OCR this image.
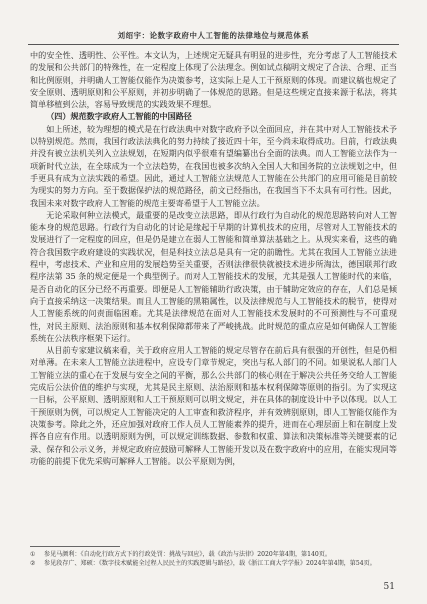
刘绍宇：论数字政府中人工智能的法律地位与规范体系

中的安全性、透明性、公平性。本文认为，上述规定无疑具有明显的进步性，充分考虑了人工智能技术的发展和公共部门的特殊性，在一定程度上体现了公法理念。例如试点稿明文规定了合法、合理、正当和比例原则，并明确人工智能仅能作为决策参考，这实际上是人工干预原则的体现。而建议稿也规定了安全原则、透明原则和公平原则，并初步明确了一体规范的思路。但是这些规定直接来源于私法，将其简单移植到公法，容易导致规范的实践效果不理想。

（四）规范数字政府人工智能的中国路径

如上所述，较为理想的模式是在行政法典中对数字政府予以全面回应，并在其中对人工智能技术予以特别规范。然而，我国行政法法典化的努力持续了接近四十年，至今尚未取得成功。目前，行政法典并没有被立法机关列入立法规划，在短期内似乎很难有望编纂出台全面的法典。而人工智能立法作为一项新时代立法，在全球成为一个立法趋势，在我国也被多次纳入全国人大和国务院的立法规划之中，但手更具有成为立法实践的希望。因此，通过人工智能立法规范人工智能在公共部门的应用可能是目前较为现实的努力方向。至于数据保护法的规范路径，前文已经指出，在我国当下不太具有可行性。因此，我国未来对数字政府人工智能的规范主要寄希望于人工智能立法。

无论采取何种立法模式，最重要的是改变立法思路，即从行政行为自动化的规范思路转向对人工智能本身的规范思路。行政行为自动化的讨论是缘起于早期的计算机技术的应用，尽管对人工智能技术的发展进行了一定程度的回应，但是仍是建立在弱人工智能和简单算法基础之上。从现实来看，这些的确符合我国数字政府建设的实践状况，但是科技立法总是具有一定的前瞻性。尤其在我国人工智能立法进程中，考虑技术、产业和应用的发展趋势至关重要，否则法律很快就被技术进步所淘汰，德国联邦行政程序法第 35 条的规定便是一个典型例子。而对人工智能技术的发展，尤其是强人工智能时代的来临，是否自动化的区分已经不再重要。即便是人工智能辅助行政决策，由于辅助定效应的存在，人们总是倾向于直接采纳这一决策结果。而且人工智能的黑箱属性，以及法律规范与人工智能技术的脱节，使得对人工智能系统的问责面临困难。尤其是法律规范在面对人工智能技术发展时的不可预测性与不可重现性，对民主原则、法治原则和基本权利保障都带来了严峻挑战。此时规范的重点应是如何确保人工智能系统在公法秩序框架下运行。

从目前专家建议稿来看，关于政府应用人工智能的规定尽管存在前后具有很强的开创性，但是仍相对单薄。在未来人工智能立法进程中，应设专门章节规定，突出与私人部门的不同。如果说私人部门人工智能立法的重心在于发展与安全之间的平衡，那么公共部门的核心则在于解决公共任务交给人工智能完成后公法价值的维护与实现，尤其是民主原则、法治原则和基本权利保障等原则的指引。为了实现这一目标，公平原则、透明原则和人工干预原则可以明文规定，并在具体的制度设计中予以体现。以人工干预原则为例，可以规定人工智能决定的人工审查和救济程序，并有效辨别原则，即人工智能仅能作为决策参考。除此之外，还应加强对政府工作人员人工智能素养的提升，进而在心理层面上和在制度上发挥各自应有作用。以透明原则为例，可以规定训练数据、参数和权重、算法和决策标准等关键要素的记录、保存和公示义务，并规定政府应鼓励可解释人工智能开发以及在数字政府中的应用，在能实现同等功能的前提下优先采购可解释人工智能。以公平原则为例，

①	参见马颜利：《自动化行政方式下的行政处罚：挑战与回应》，载《政治与法律》2020年第4期，第140页。
②	参见段存广、郑硕：《数字技术赋能全过程人民民主的实践逻辑与路径》，载《浙江工商大学学报》2024年第4期，第54页。
51
